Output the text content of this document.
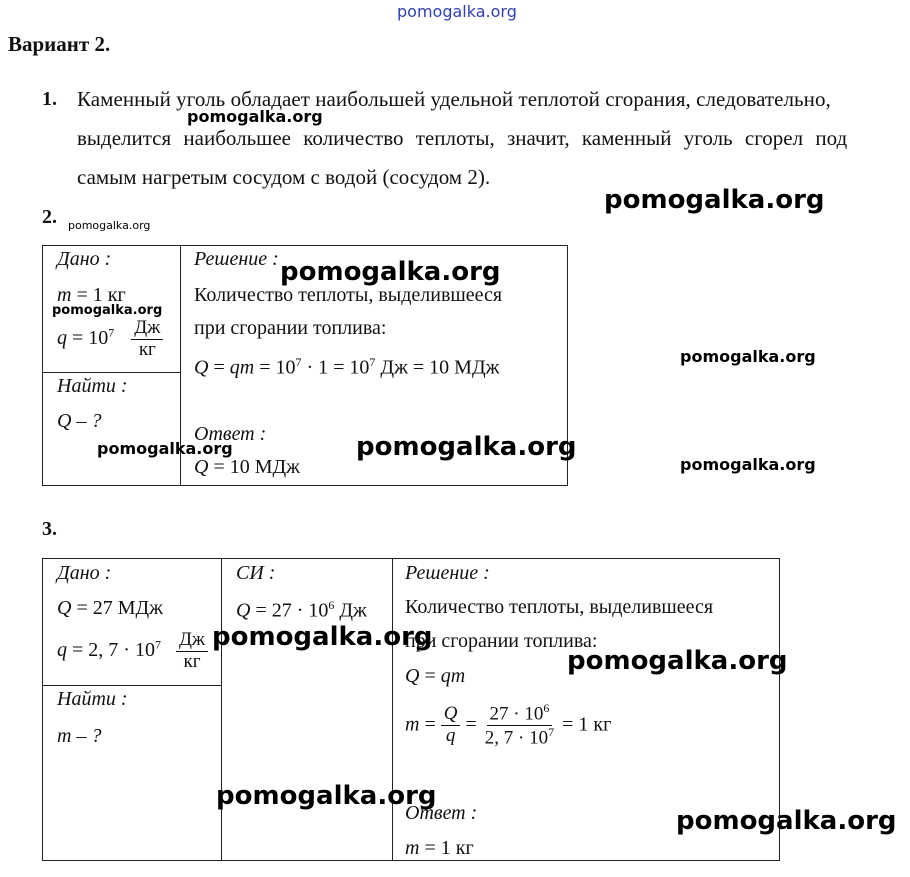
pomogalka.org
Вариант 2.
1. Каменный уголь обладает наибольшей удельной теплотой сгорания, следовательно,
выделится наибольшее количество теплоты, значит, каменный уголь сгорел под
самым нагретым сосудом с водой (сосудом 2).
2.
Дано :
m = 1 кг
$q = 10^7 \frac{Дж}{кг}$
Найти :
Q – ?
Решение :
Количество теплоты, выделившееся
при сгорании топлива:
Q = qm = $10^7 \cdot 1 = 10^7$ Дж = 10 МДж
Ответ :
Q = 10 МДж
3.
Дано :
Q = 27 МДж
q = 2, $7 \cdot 10^7 \frac{Дж}{кг}$
Найти :
m – ?
СИ :
$Q = 27 \cdot 10^6$ Дж
Решение :
Количество теплоты, выделившееся
при сгорании топлива:
Q = qm
$m = \frac{Q}{q} = \frac{27 \cdot 10^6}{2, 7 \cdot 10^7} = 1$ кг
Ответ :
m = 1 кг
pomogalka.org
pomogalka.org
pomogalka.org
pomogalka.org
pomogalka.org
pomogalka.org
pomogalka.org	pomogalka.org
pomogalka.org
pomogalka.org
pomogalka.org
pomogalka.org
pomogalka.org
